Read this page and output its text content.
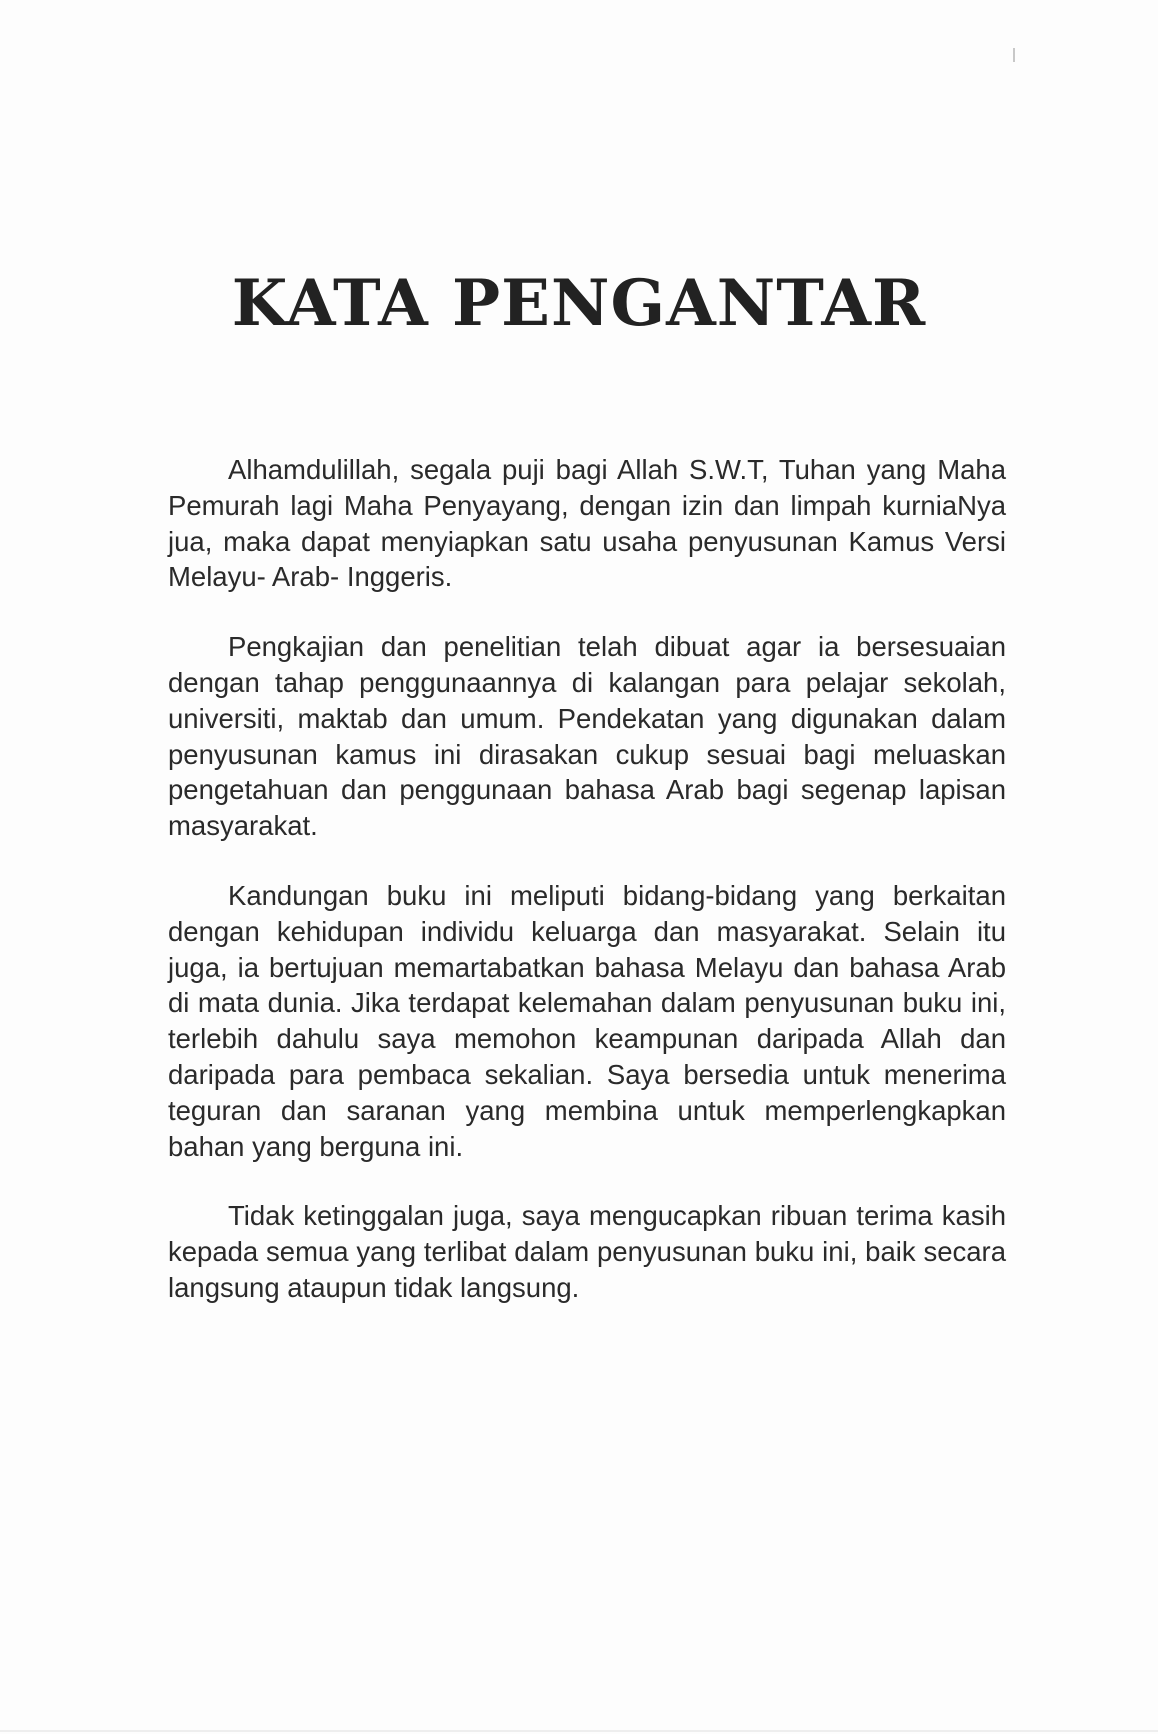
KATA PENGANTAR

Alhamdulillah, segala puji bagi Allah S.W.T, Tuhan yang Maha Pemurah lagi Maha Penyayang, dengan izin dan limpah kurniaNya jua, maka dapat menyiapkan satu usaha penyusunan Kamus Versi Melayu- Arab- Inggeris.

Pengkajian dan penelitian telah dibuat agar ia bersesuaian dengan tahap penggunaannya di kalangan para pelajar sekolah, universiti, maktab dan umum. Pendekatan yang digunakan dalam penyusunan kamus ini dirasakan cukup sesuai bagi meluaskan pengetahuan dan penggunaan bahasa Arab bagi segenap lapisan masyarakat.

Kandungan buku ini meliputi bidang-bidang yang berkaitan dengan kehidupan individu keluarga dan masyarakat. Selain itu juga, ia bertujuan memartabatkan bahasa Melayu dan bahasa Arab di mata dunia. Jika terdapat kelemahan dalam penyusunan buku ini, terlebih dahulu saya memohon keampunan daripada Allah dan daripada para pembaca sekalian. Saya bersedia untuk menerima teguran dan saranan yang membina untuk memperlengkapkan bahan yang berguna ini.

Tidak ketinggalan juga, saya mengucapkan ribuan terima kasih kepada semua yang terlibat dalam penyusunan buku ini, baik secara langsung ataupun tidak langsung.
